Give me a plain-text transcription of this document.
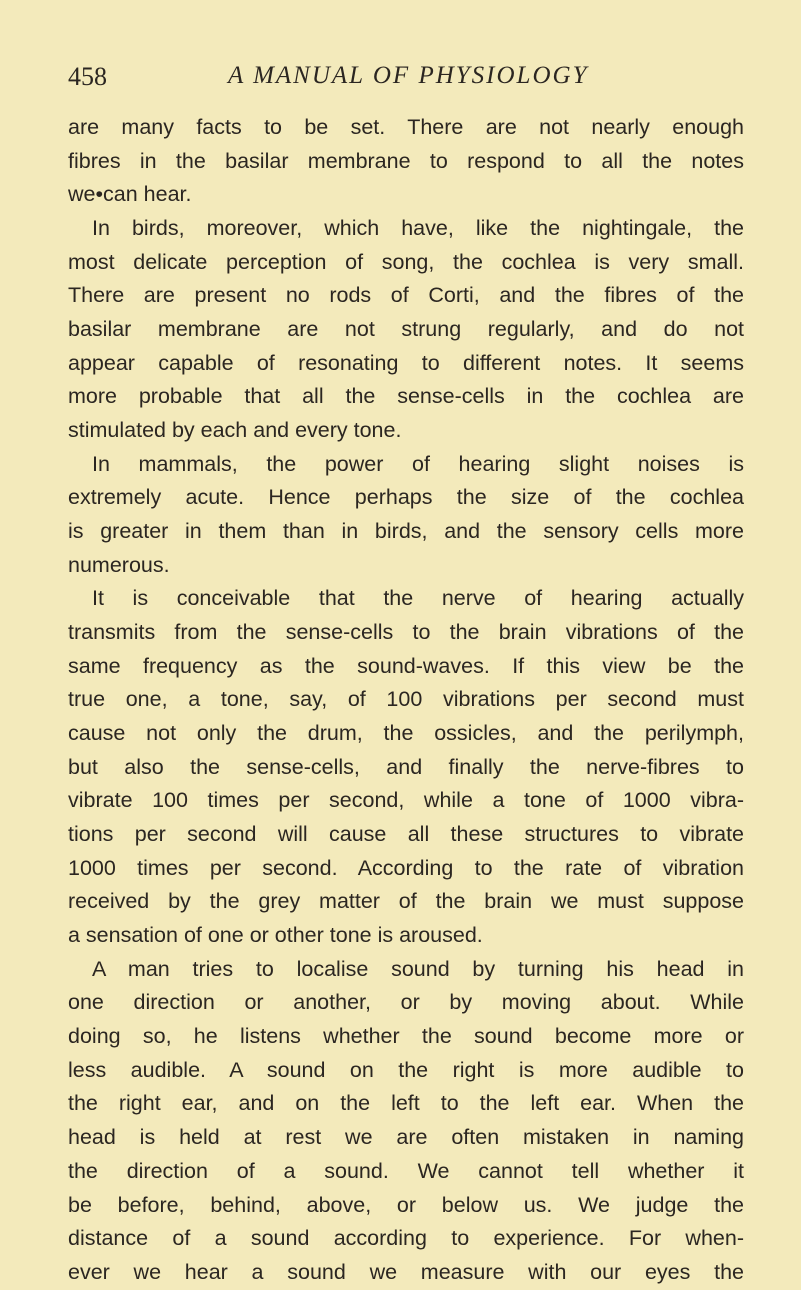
458	A MANUAL OF PHYSIOLOGY
are many facts to be set. There are not nearly enough
fibres in the basilar membrane to respond to all the notes
we•can hear.
In birds, moreover, which have, like the nightingale, the
most delicate perception of song, the cochlea is very small.
There are present no rods of Corti, and the fibres of the
basilar membrane are not strung regularly, and do not
appear capable of resonating to different notes. It seems
more probable that all the sense-cells in the cochlea are
stimulated by each and every tone.
In mammals, the power of hearing slight noises is
extremely acute. Hence perhaps the size of the cochlea
is greater in them than in birds, and the sensory cells more
numerous.
It is conceivable that the nerve of hearing actually
transmits from the sense-cells to the brain vibrations of the
same frequency as the sound-waves. If this view be the
true one, a tone, say, of 100 vibrations per second must
cause not only the drum, the ossicles, and the perilymph,
but also the sense-cells, and finally the nerve-fibres to
vibrate 100 times per second, while a tone of 1000 vibra-
tions per second will cause all these structures to vibrate
1000 times per second. According to the rate of vibration
received by the grey matter of the brain we must suppose
a sensation of one or other tone is aroused.
A man tries to localise sound by turning his head in
one direction or another, or by moving about. While
doing so, he listens whether the sound become more or
less audible. A sound on the right is more audible to
the right ear, and on the left to the left ear. When the
head is held at rest we are often mistaken in naming
the direction of a sound. We cannot tell whether it
be before, behind, above, or below us. We judge the
distance of a sound according to experience. For when-
ever we hear a sound we measure with our eyes the
